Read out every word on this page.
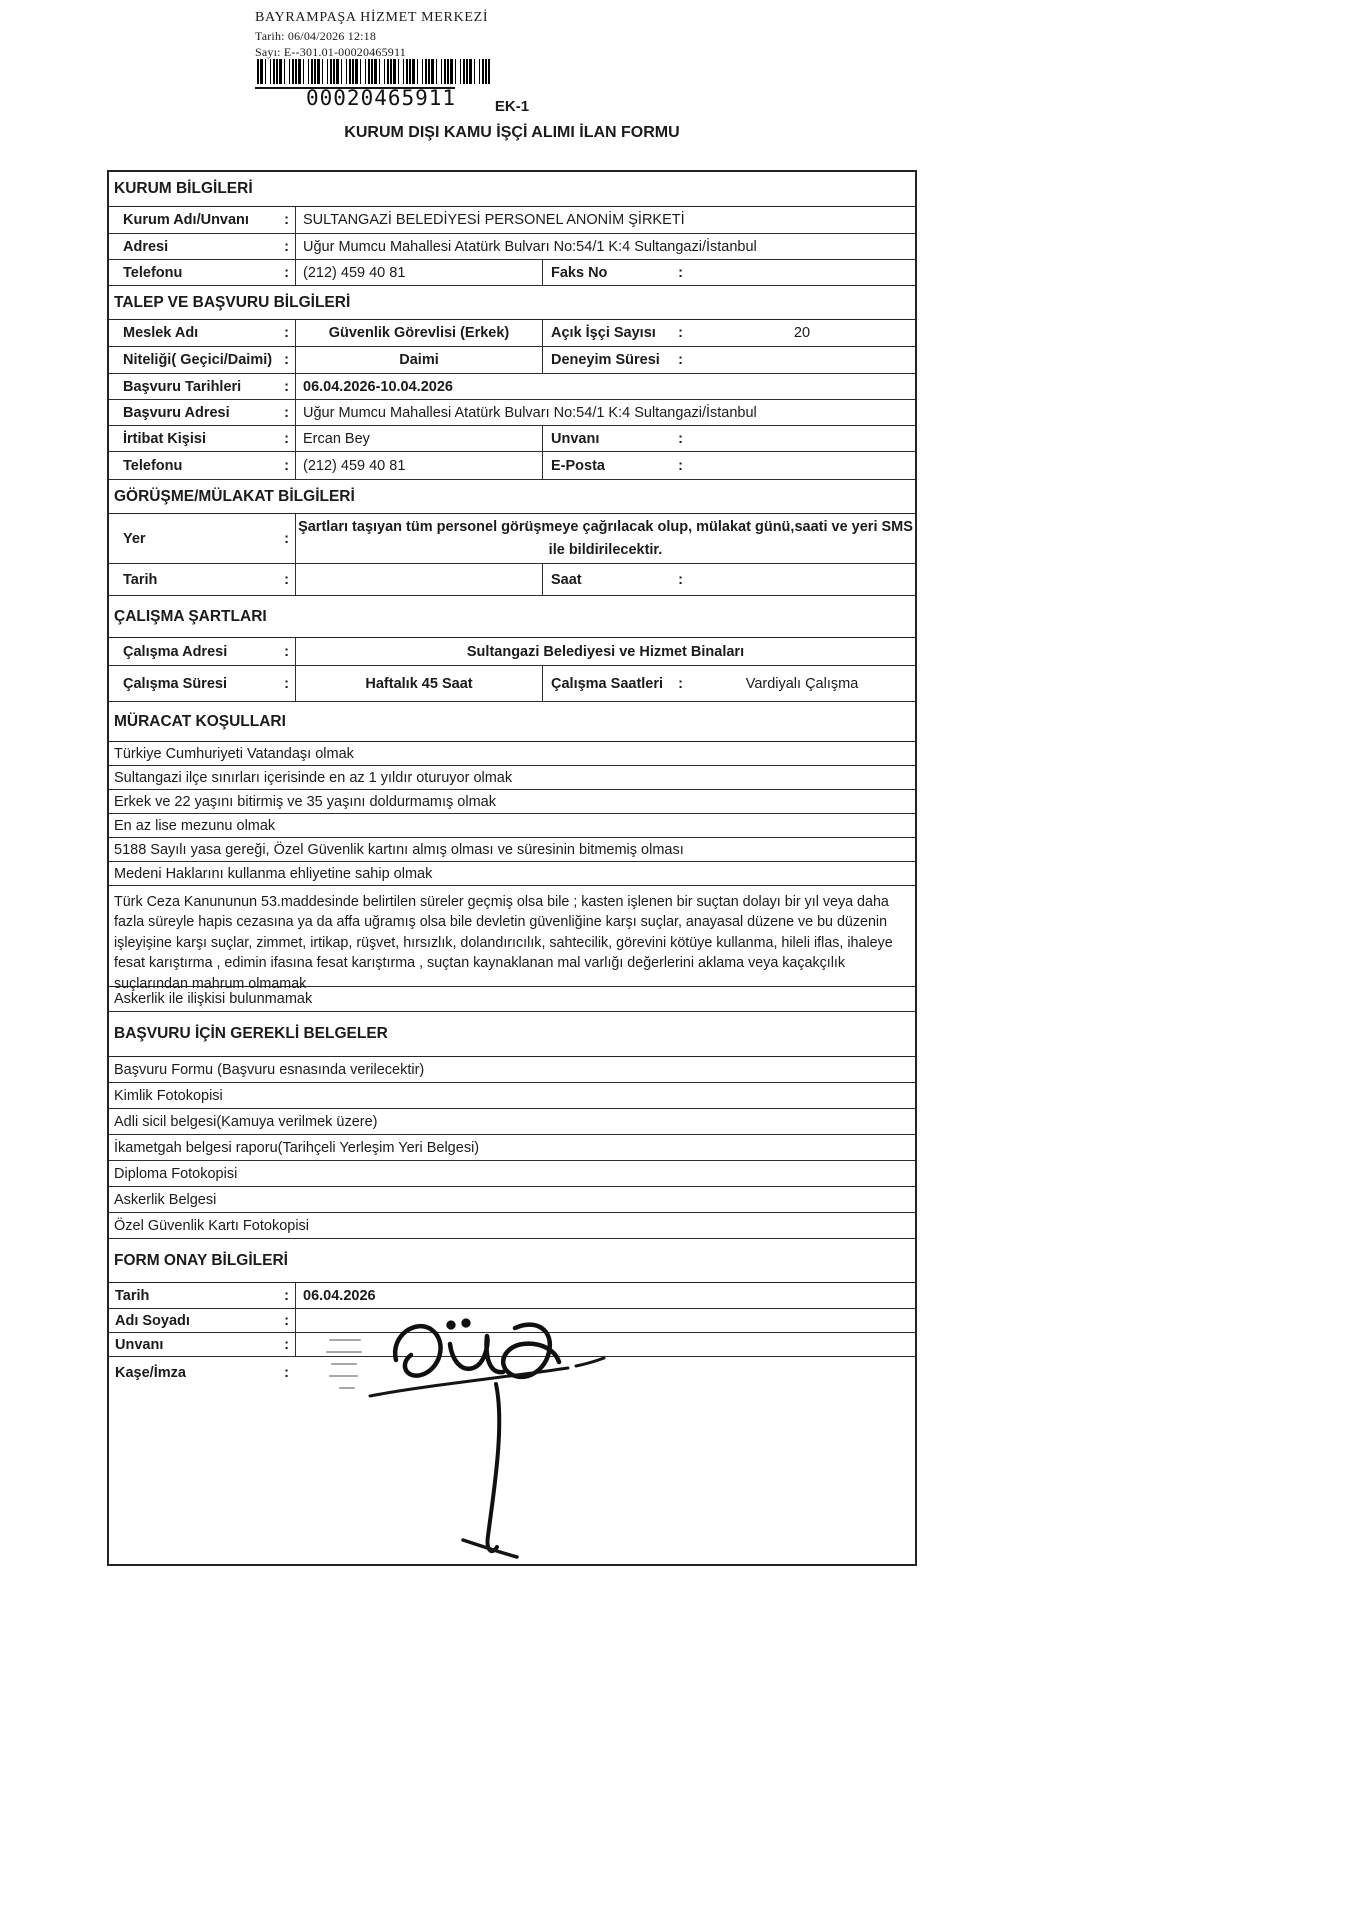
BAYRAMPAŞA HİZMET MERKEZİ
Tarih: 06/04/2026 12:18
Sayı: E--301.01-00020465911
00020465911	EK-1
KURUM DIŞI KAMU İŞÇİ ALIMI İLAN FORMU
KURUM BİLGİLERİ
Kurum Adı/Unvanı : SULTANGAZİ BELEDİYESİ PERSONEL ANONİM ŞİRKETİ
Adresi	: Uğur Mumcu Mahallesi Atatürk Bulvarı No:54/1 K:4 Sultangazi/İstanbul
Telefonu	: (212) 459 40 81	Faks No	:
TALEP VE BAŞVURU BİLGİLERİ
Meslek Adı	:	Güvenlik Görevlisi (Erkek)	Açık İşçi Sayısı :	20
Niteliği( Geçici/Daimi) :	Daimi	Deneyim Süresi :
Başvuru Tarihleri	: 06.04.2026-10.04.2026
Başvuru Adresi	: Uğur Mumcu Mahallesi Atatürk Bulvarı No:54/1 K:4 Sultangazi/İstanbul
İrtibat Kişisi	: Ercan Bey	Unvanı	:
Telefonu	: (212) 459 40 81	E-Posta	:
GÖRÜŞME/MÜLAKAT BİLGİLERİ
Yer	:
Şartları taşıyan tüm personel görüşmeye çağrılacak olup, mülakat günü,saati ve yeri SMS ile bildirilecektir.
Tarih	:	Saat	:
ÇALIŞMA ŞARTLARI
Çalışma Adresi	:	Sultangazi Belediyesi ve Hizmet Binaları
Çalışma Süresi	:	Haftalık 45 Saat	Çalışma Saatleri :	Vardiyalı Çalışma
MÜRACAT KOŞULLARI
Türkiye Cumhuriyeti Vatandaşı olmak
Sultangazi ilçe sınırları içerisinde en az 1 yıldır oturuyor olmak
Erkek ve 22 yaşını bitirmiş ve 35 yaşını doldurmamış olmak
En az lise mezunu olmak
5188 Sayılı yasa gereği, Özel Güvenlik kartını almış olması ve süresinin bitmemiş olması
Medeni Haklarını kullanma ehliyetine sahip olmak
Türk Ceza Kanununun 53.maddesinde belirtilen süreler geçmiş olsa bile ; kasten işlenen bir suçtan dolayı bir yıl veya daha fazla süreyle hapis cezasına ya da affa uğramış olsa bile devletin güvenliğine karşı suçlar, anayasal düzene ve bu düzenin işleyişine karşı suçlar, zimmet, irtikap, rüşvet, hırsızlık, dolandırıcılık, sahtecilik, görevini kötüye kullanma, hileli iflas, ihaleye fesat karıştırma , edimin ifasına fesat karıştırma , suçtan kaynaklanan mal varlığı değerlerini aklama veya kaçakçılık suçlarından mahrum olmamak
Askerlik ile ilişkisi bulunmamak
BAŞVURU İÇİN GEREKLİ BELGELER
Başvuru Formu (Başvuru esnasında verilecektir)
Kimlik Fotokopisi
Adli sicil belgesi(Kamuya verilmek üzere)
İkametgah belgesi raporu(Tarihçeli Yerleşim Yeri Belgesi)
Diploma Fotokopisi
Askerlik Belgesi
Özel Güvenlik Kartı Fotokopisi
FORM ONAY BİLGİLERİ
Tarih	: 06.04.2026
Adı Soyadı	:
Unvanı	:
Kaşe/İmza	:
